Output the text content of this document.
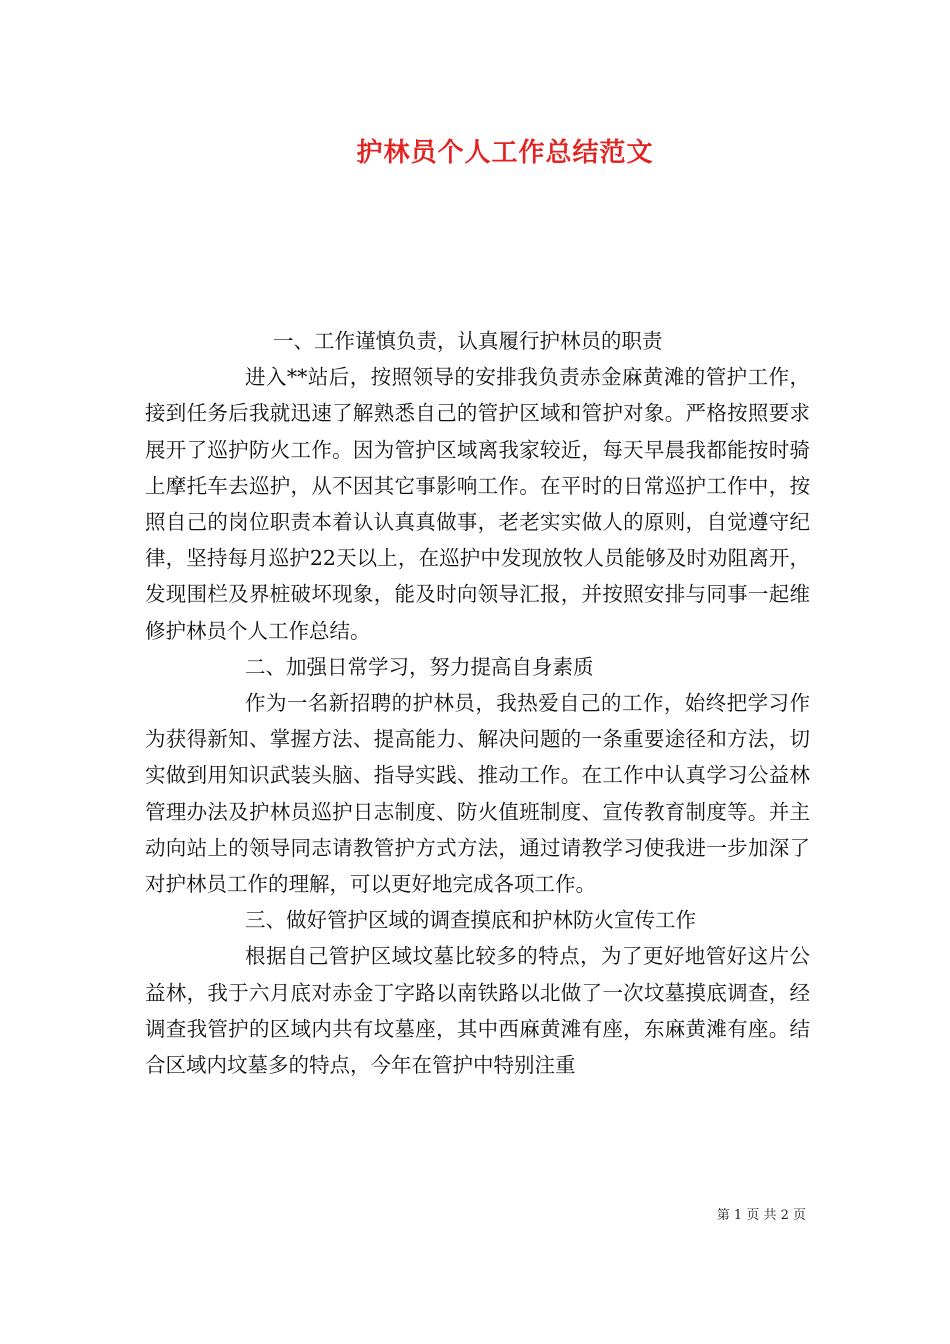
护林员个人工作总结范文

一、工作谨慎负责，认真履行护林员的职责

进入**站后，按照领导的安排我负责赤金麻黄滩的管护工作，接到任务后我就迅速了解熟悉自己的管护区域和管护对象。严格按照要求展开了巡护防火工作。因为管护区域离我家较近，每天早晨我都能按时骑上摩托车去巡护，从不因其它事影响工作。在平时的日常巡护工作中，按照自己的岗位职责本着认认真真做事，老老实实做人的原则，自觉遵守纪律，坚持每月巡护22天以上，在巡护中发现放牧人员能够及时劝阻离开，发现围栏及界桩破坏现象，能及时向领导汇报，并按照安排与同事一起维修护林员个人工作总结。

二、加强日常学习，努力提高自身素质

作为一名新招聘的护林员，我热爱自己的工作，始终把学习作为获得新知、掌握方法、提高能力、解决问题的一条重要途径和方法，切实做到用知识武装头脑、指导实践、推动工作。在工作中认真学习公益林管理办法及护林员巡护日志制度、防火值班制度、宣传教育制度等。并主动向站上的领导同志请教管护方式方法，通过请教学习使我进一步加深了对护林员工作的理解，可以更好地完成各项工作。

三、做好管护区域的调查摸底和护林防火宣传工作

根据自己管护区域坟墓比较多的特点，为了更好地管好这片公益林，我于六月底对赤金丁字路以南铁路以北做了一次坟墓摸底调查，经调查我管护的区域内共有坟墓座，其中西麻黄滩有座，东麻黄滩有座。结合区域内坟墓多的特点，今年在管护中特别注重

第 1 页 共 2 页
